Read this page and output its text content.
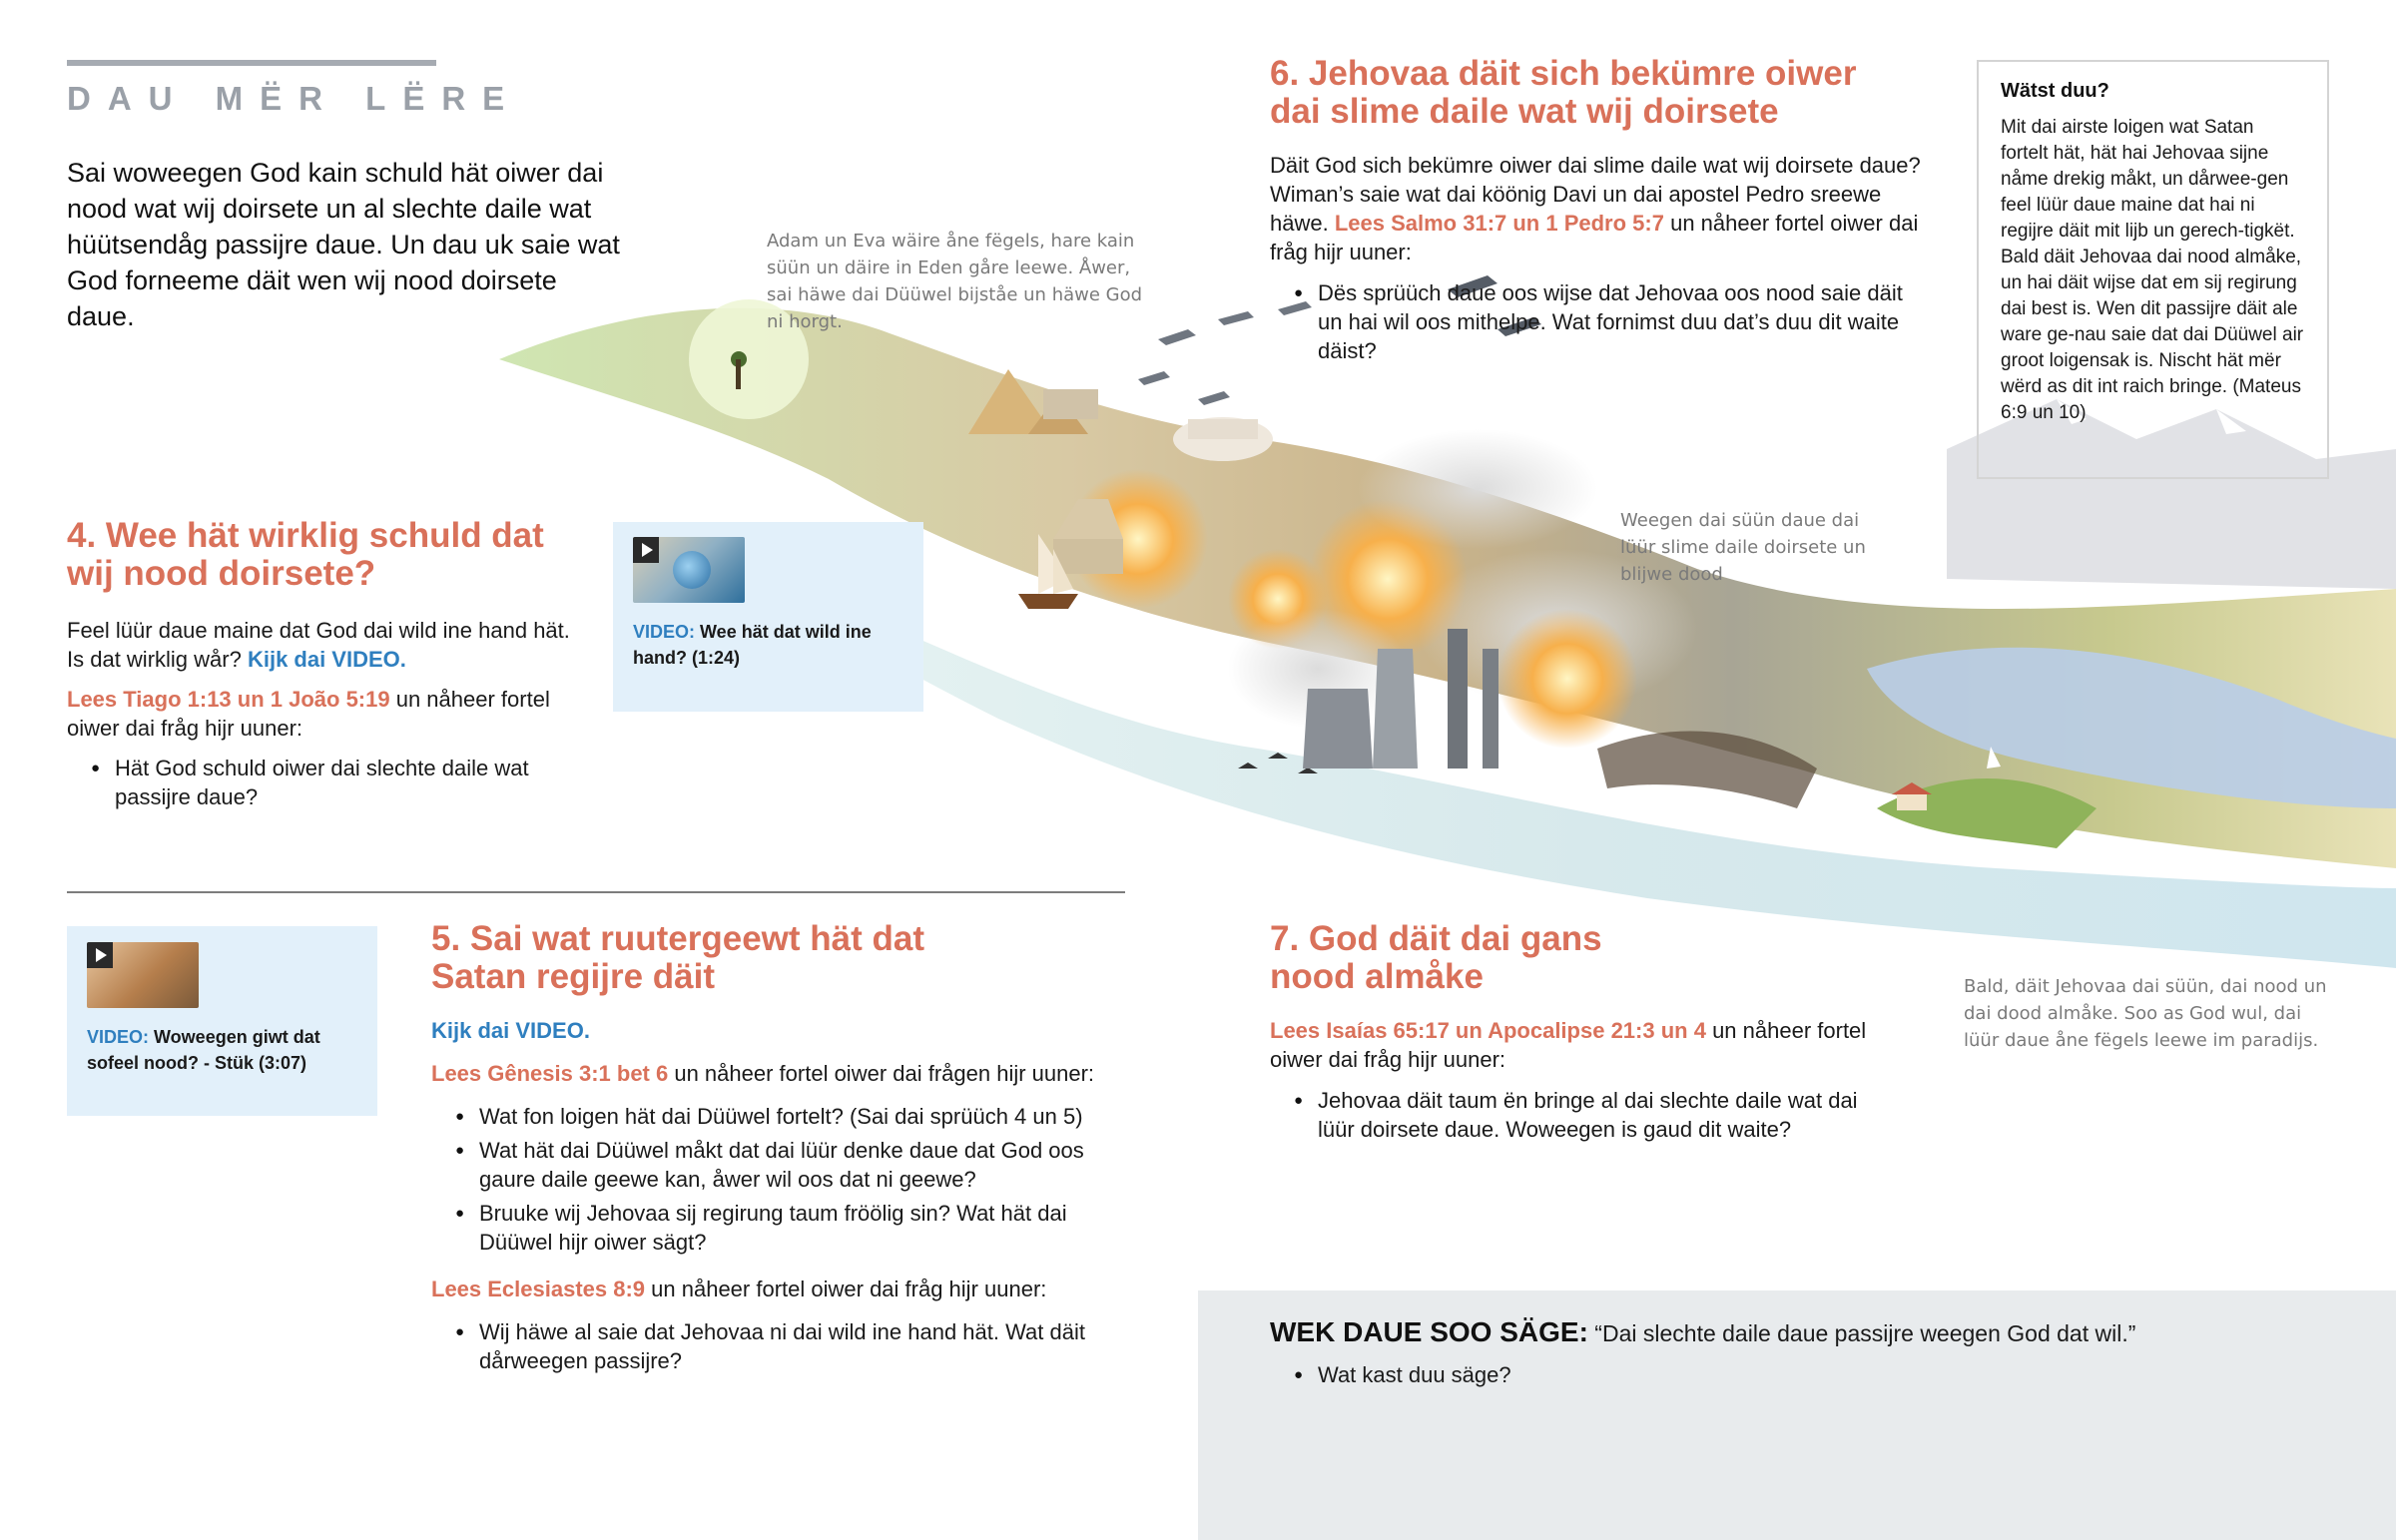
DAU MËR LËRE
Sai woweegen God kain schuld hät oiwer dai nood wat wij doirsete un al slechte daile wat hüütsendåg passijre daue. Un dau uk saie wat God forneeme däit wen wij nood doirsete daue.
Adam un Eva wäire åne fëgels, hare kain süün un däire in Eden gåre leewe. Åwer, sai häwe dai Düüwel bijståe un häwe God ni horgt.
Weegen dai süün daue dai lüür slime daile doirsete un blijwe dood
Bald, däit Jehovaa dai süün, dai nood un dai dood almåke. Soo as God wul, dai lüür daue åne fëgels leewe im paradijs.
4. Wee hät wirklig schuld dat
wij nood doirsete?

Feel lüür daue maine dat God dai wild ine hand hät. Is dat wirklig wår? Kijk dai VIDEO.

Lees Tiago 1:13 un 1 João 5:19 un nåheer fortel oiwer dai fråg hijr uuner:

● Hät God schuld oiwer dai slechte daile wat passijre daue?
VIDEO: Wee hät dat wild ine hand? (1:24)
VIDEO: Woweegen giwt dat sofeel nood? - Stük (3:07)
5. Sai wat ruutergeewt hät dat
Satan regijre däit

Kijk dai VIDEO.

Lees Gênesis 3:1 bet 6 un nåheer fortel oiwer dai frågen hijr uuner:

● Wat fon loigen hät dai Düüwel fortelt? (Sai dai sprüüch 4 un 5)
● Wat hät dai Düüwel måkt dat dai lüür denke daue dat God oos gaure daile geewe kan, åwer wil oos dat ni geewe?
● Bruuke wij Jehovaa sij regirung taum fröölig sin? Wat hät dai Düüwel hijr oiwer sägt?

Lees Eclesiastes 8:9 un nåheer fortel oiwer dai fråg hijr uuner:

● Wij häwe al saie dat Jehovaa ni dai wild ine hand hät. Wat däit dårweegen passijre?
6. Jehovaa däit sich bekümre oiwer
dai slime daile wat wij doirsete

Däit God sich bekümre oiwer dai slime daile wat wij doirsete daue? Wiman’s saie wat dai köönig Davi un dai apostel Pedro sreewe häwe. Lees Salmo 31:7 un 1 Pedro 5:7 un nåheer fortel oiwer dai fråg hijr uuner:

● Dës sprüüch daue oos wijse dat Jehovaa oos nood saie däit un hai wil oos mithelpe. Wat fornimst duu dat’s duu dit waite däist?
Wätst duu?

Mit dai airste loigen wat Satan fortelt hät, hät hai Jehovaa sijne nåme drekig måkt, un dårwee-gen feel lüür daue maine dat hai ni regijre däit mit lijb un gerech-tigkët. Bald däit Jehovaa dai nood almåke, un hai däit wijse dat em sij regirung dai best is. Wen dit passijre däit ale ware ge-nau saie dat dai Düüwel air groot loigensak is. Nischt hät mër wërd as dit int raich bringe. (Mateus 6:9 un 10)

7. God däit dai gans
nood almåke

Lees Isaías 65:17 un Apocalipse 21:3 un 4 un nåheer fortel oiwer dai fråg hijr uuner:

● Jehovaa däit taum ën bringe al dai slechte daile wat dai lüür doirsete daue. Woweegen is gaud dit waite?
WEK DAUE SOO SÄGE: “Dai slechte daile daue passijre weegen God dat wil.”
● Wat kast duu säge?
